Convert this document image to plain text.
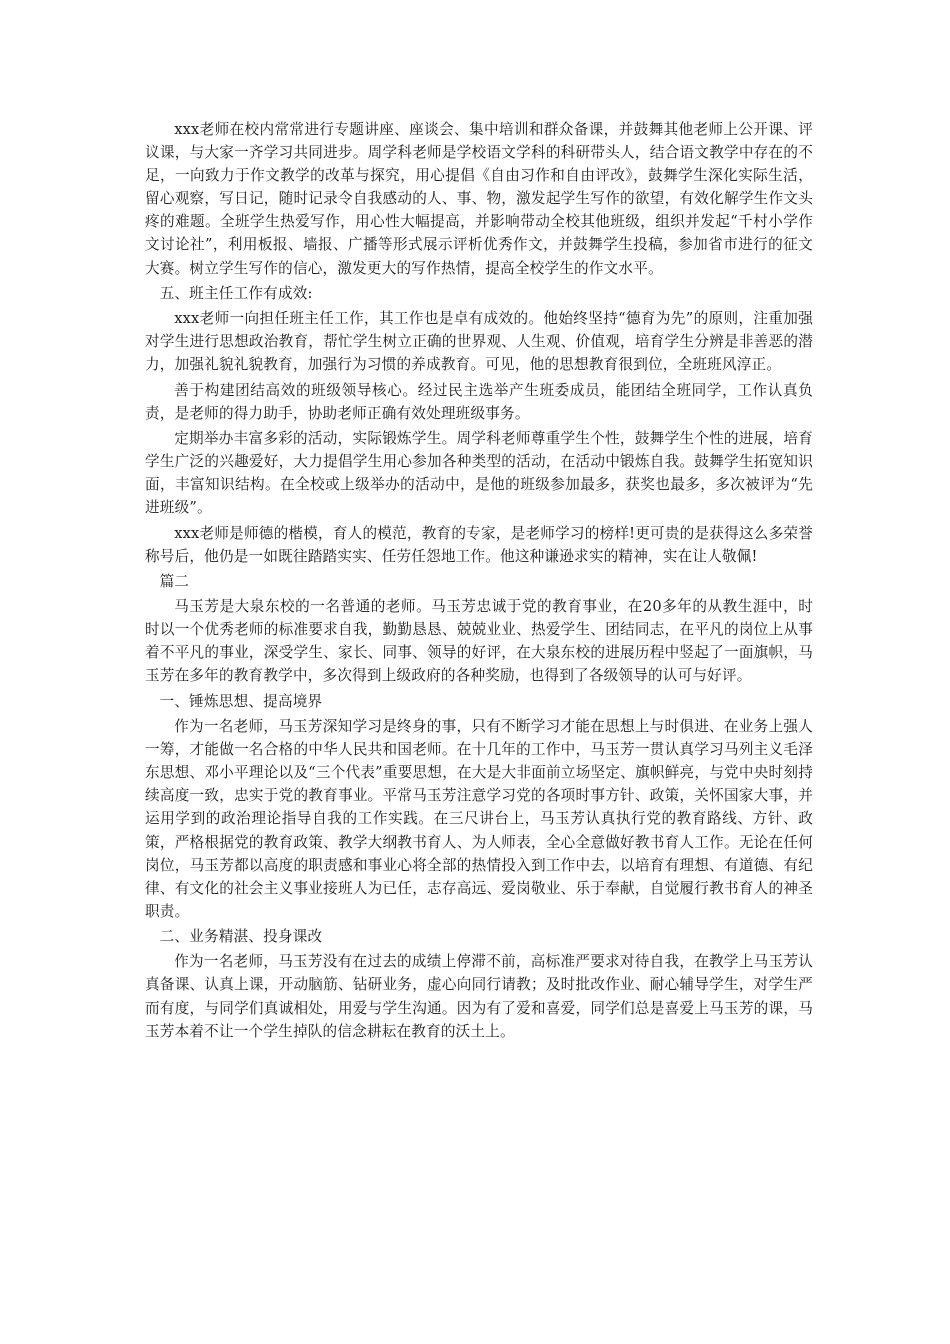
xxx老师在校内常常进行专题讲座、座谈会、集中培训和群众备课，并鼓舞其他老师上公开课、评议课，与大家一齐学习共同进步。周学科老师是学校语文学科的科研带头人，结合语文教学中存在的不足，一向致力于作文教学的改革与探究，用心提倡《自由习作和自由评改》，鼓舞学生深化实际生活，留心观察，写日记，随时记录令自我感动的人、事、物，激发起学生写作的欲望，有效化解学生作文头疼的难题。全班学生热爱写作，用心性大幅提高，并影响带动全校其他班级，组织并发起“千村小学作文讨论社”，利用板报、墙报、广播等形式展示评析优秀作文，并鼓舞学生投稿，参加省市进行的征文大赛。树立学生写作的信心，激发更大的写作热情，提高全校学生的作文水平。

五、班主任工作有成效:

xxx老师一向担任班主任工作，其工作也是卓有成效的。他始终坚持“德育为先”的原则，注重加强对学生进行思想政治教育，帮忙学生树立正确的世界观、人生观、价值观，培育学生分辨是非善恶的潜力，加强礼貌礼貌教育，加强行为习惯的养成教育。可见，他的思想教育很到位，全班班风淳正。

善于构建团结高效的班级领导核心。经过民主选举产生班委成员，能团结全班同学，工作认真负责，是老师的得力助手，协助老师正确有效处理班级事务。

定期举办丰富多彩的活动，实际锻炼学生。周学科老师尊重学生个性，鼓舞学生个性的进展，培育学生广泛的兴趣爱好，大力提倡学生用心参加各种类型的活动，在活动中锻炼自我。鼓舞学生拓宽知识面，丰富知识结构。在全校或上级举办的活动中，是他的班级参加最多，获奖也最多，多次被评为“先进班级”。

xxx老师是师德的楷模，育人的模范，教育的专家，是老师学习的榜样!更可贵的是获得这么多荣誉称号后，他仍是一如既往踏踏实实、任劳任怨地工作。他这种谦逊求实的精神，实在让人敬佩!

篇二

马玉芳是大泉东校的一名普通的老师。马玉芳忠诚于党的教育事业，在20多年的从教生涯中，时时以一个优秀老师的标准要求自我，勤勤恳恳、兢兢业业、热爱学生、团结同志，在平凡的岗位上从事着不平凡的事业，深受学生、家长、同事、领导的好评，在大泉东校的进展历程中竖起了一面旗帜，马玉芳在多年的教育教学中，多次得到上级政府的各种奖励，也得到了各级领导的认可与好评。

一、锤炼思想、提高境界

作为一名老师，马玉芳深知学习是终身的事，只有不断学习才能在思想上与时俱进、在业务上强人一筹，才能做一名合格的中华人民共和国老师。在十几年的工作中，马玉芳一贯认真学习马列主义毛泽东思想、邓小平理论以及“三个代表”重要思想，在大是大非面前立场坚定、旗帜鲜亮，与党中央时刻持续高度一致，忠实于党的教育事业。平常马玉芳注意学习党的各项时事方针、政策，关怀国家大事，并运用学到的政治理论指导自我的工作实践。在三尺讲台上，马玉芳认真执行党的教育路线、方针、政策，严格根据党的教育政策、教学大纲教书育人、为人师表，全心全意做好教书育人工作。无论在任何岗位，马玉芳都以高度的职责感和事业心将全部的热情投入到工作中去，以培育有理想、有道德、有纪律、有文化的社会主义事业接班人为已任，志存高远、爱岗敬业、乐于奉献，自觉履行教书育人的神圣职责。

二、业务精湛、投身课改

作为一名老师，马玉芳没有在过去的成绩上停滞不前，高标准严要求对待自我，在教学上马玉芳认真备课、认真上课，开动脑筋、钻研业务，虚心向同行请教；及时批改作业、耐心辅导学生，对学生严而有度，与同学们真诚相处，用爱与学生沟通。因为有了爱和喜爱，同学们总是喜爱上马玉芳的课，马玉芳本着不让一个学生掉队的信念耕耘在教育的沃土上。
